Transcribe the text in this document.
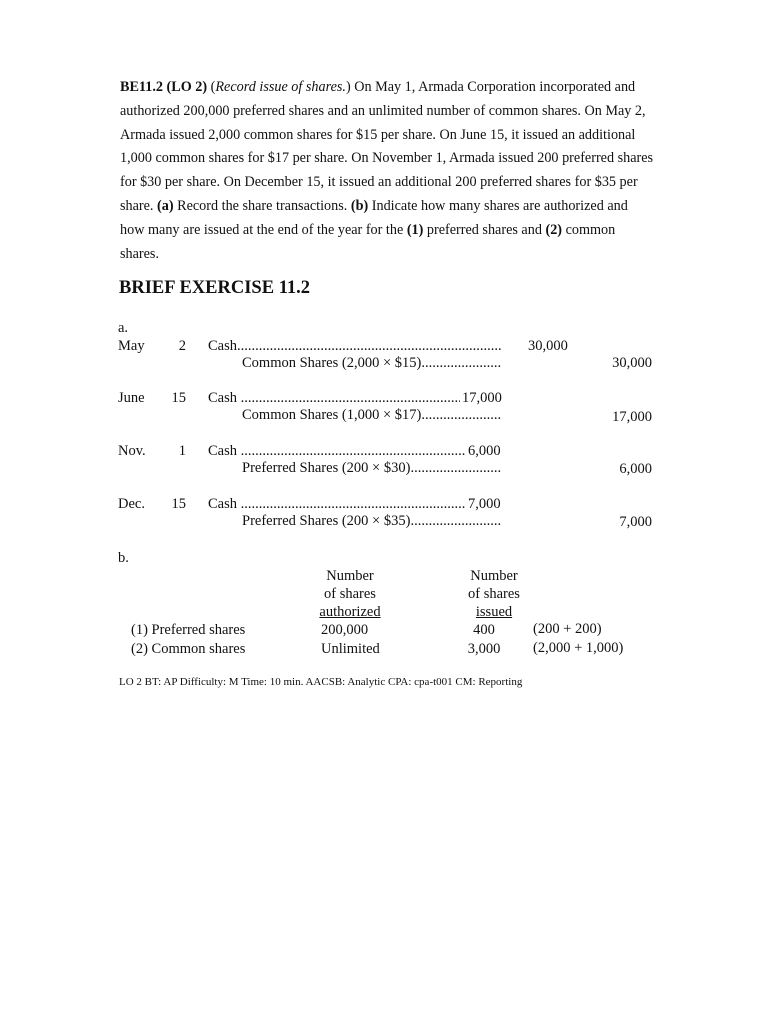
BE11.2 (LO 2) (Record issue of shares.) On May 1, Armada Corporation incorporated and
authorized 200,000 preferred shares and an unlimited number of common shares. On May 2,
Armada issued 2,000 common shares for $15 per share. On June 15, it issued an additional
1,000 common shares for $17 per share. On November 1, Armada issued 200 preferred shares
for $30 per share. On December 15, it issued an additional 200 preferred shares for $35 per
share. (a) Record the share transactions. (b) Indicate how many shares are authorized and
how many are issued at the end of the year for the (1) preferred shares and (2) common
shares.
BRIEF EXERCISE 11.2
a.
May	2 Cash .....	30,000
Common Shares (2,000 × $15) .....	30,000
June	15 Cash .....	17,000
Common Shares (1,000 × $17) .....	17,000
Nov.	1 Cash .....	6,000
Preferred Shares (200 × $30) .....	6,000
Dec.	15 Cash .....	7,000
Preferred Shares (200 × $35) .....	7,000
b.
Number
of shares
authorized
Number
of shares
issued
(1) Preferred shares	200,000	400	(200 + 200)
(2) Common shares	Unlimited	3,000	(2,000 + 1,000)
LO 2 BT: AP Difficulty: M Time: 10 min. AACSB: Analytic CPA: cpa-t001 CM: Reporting
